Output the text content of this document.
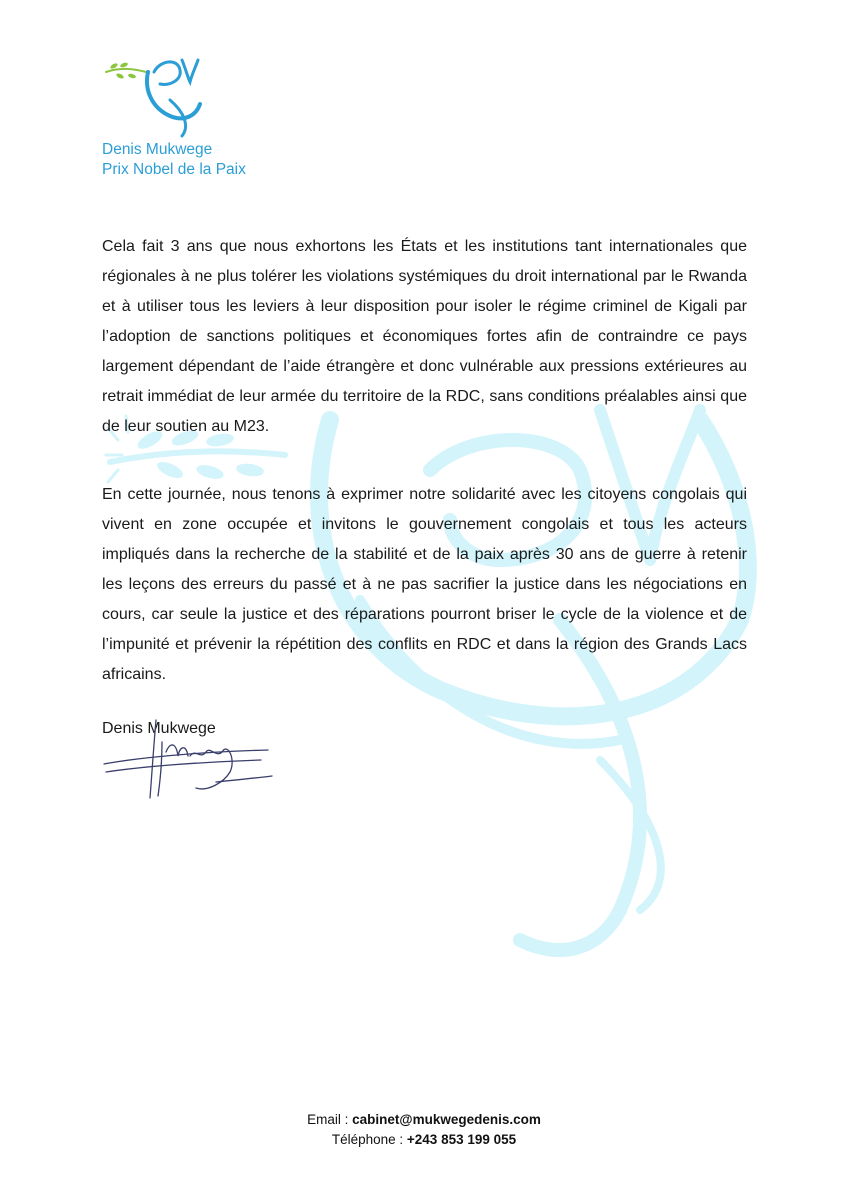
Denis Mukwege
Prix Nobel de la Paix

Cela fait 3 ans que nous exhortons les États et les institutions tant internationales que régionales à ne plus tolérer les violations systémiques du droit international par le Rwanda et à utiliser tous les leviers à leur disposition pour isoler le régime criminel de Kigali par l’adoption de sanctions politiques et économiques fortes afin de contraindre ce pays largement dépendant de l’aide étrangère et donc vulnérable aux pressions extérieures au retrait immédiat de leur armée du territoire de la RDC, sans conditions préalables ainsi que de leur soutien au M23.

En cette journée, nous tenons à exprimer notre solidarité avec les citoyens congolais qui vivent en zone occupée et invitons le gouvernement congolais et tous les acteurs impliqués dans la recherche de la stabilité et de la paix après 30 ans de guerre à retenir les leçons des erreurs du passé et à ne pas sacrifier la justice dans les négociations en cours, car seule la justice et des réparations pourront briser le cycle de la violence et de l’impunité et prévenir la répétition des conflits en RDC et dans la région des Grands Lacs africains.

Denis Mukwege
Email : cabinet@mukwegedenis.com
Téléphone : +243 853 199 055
